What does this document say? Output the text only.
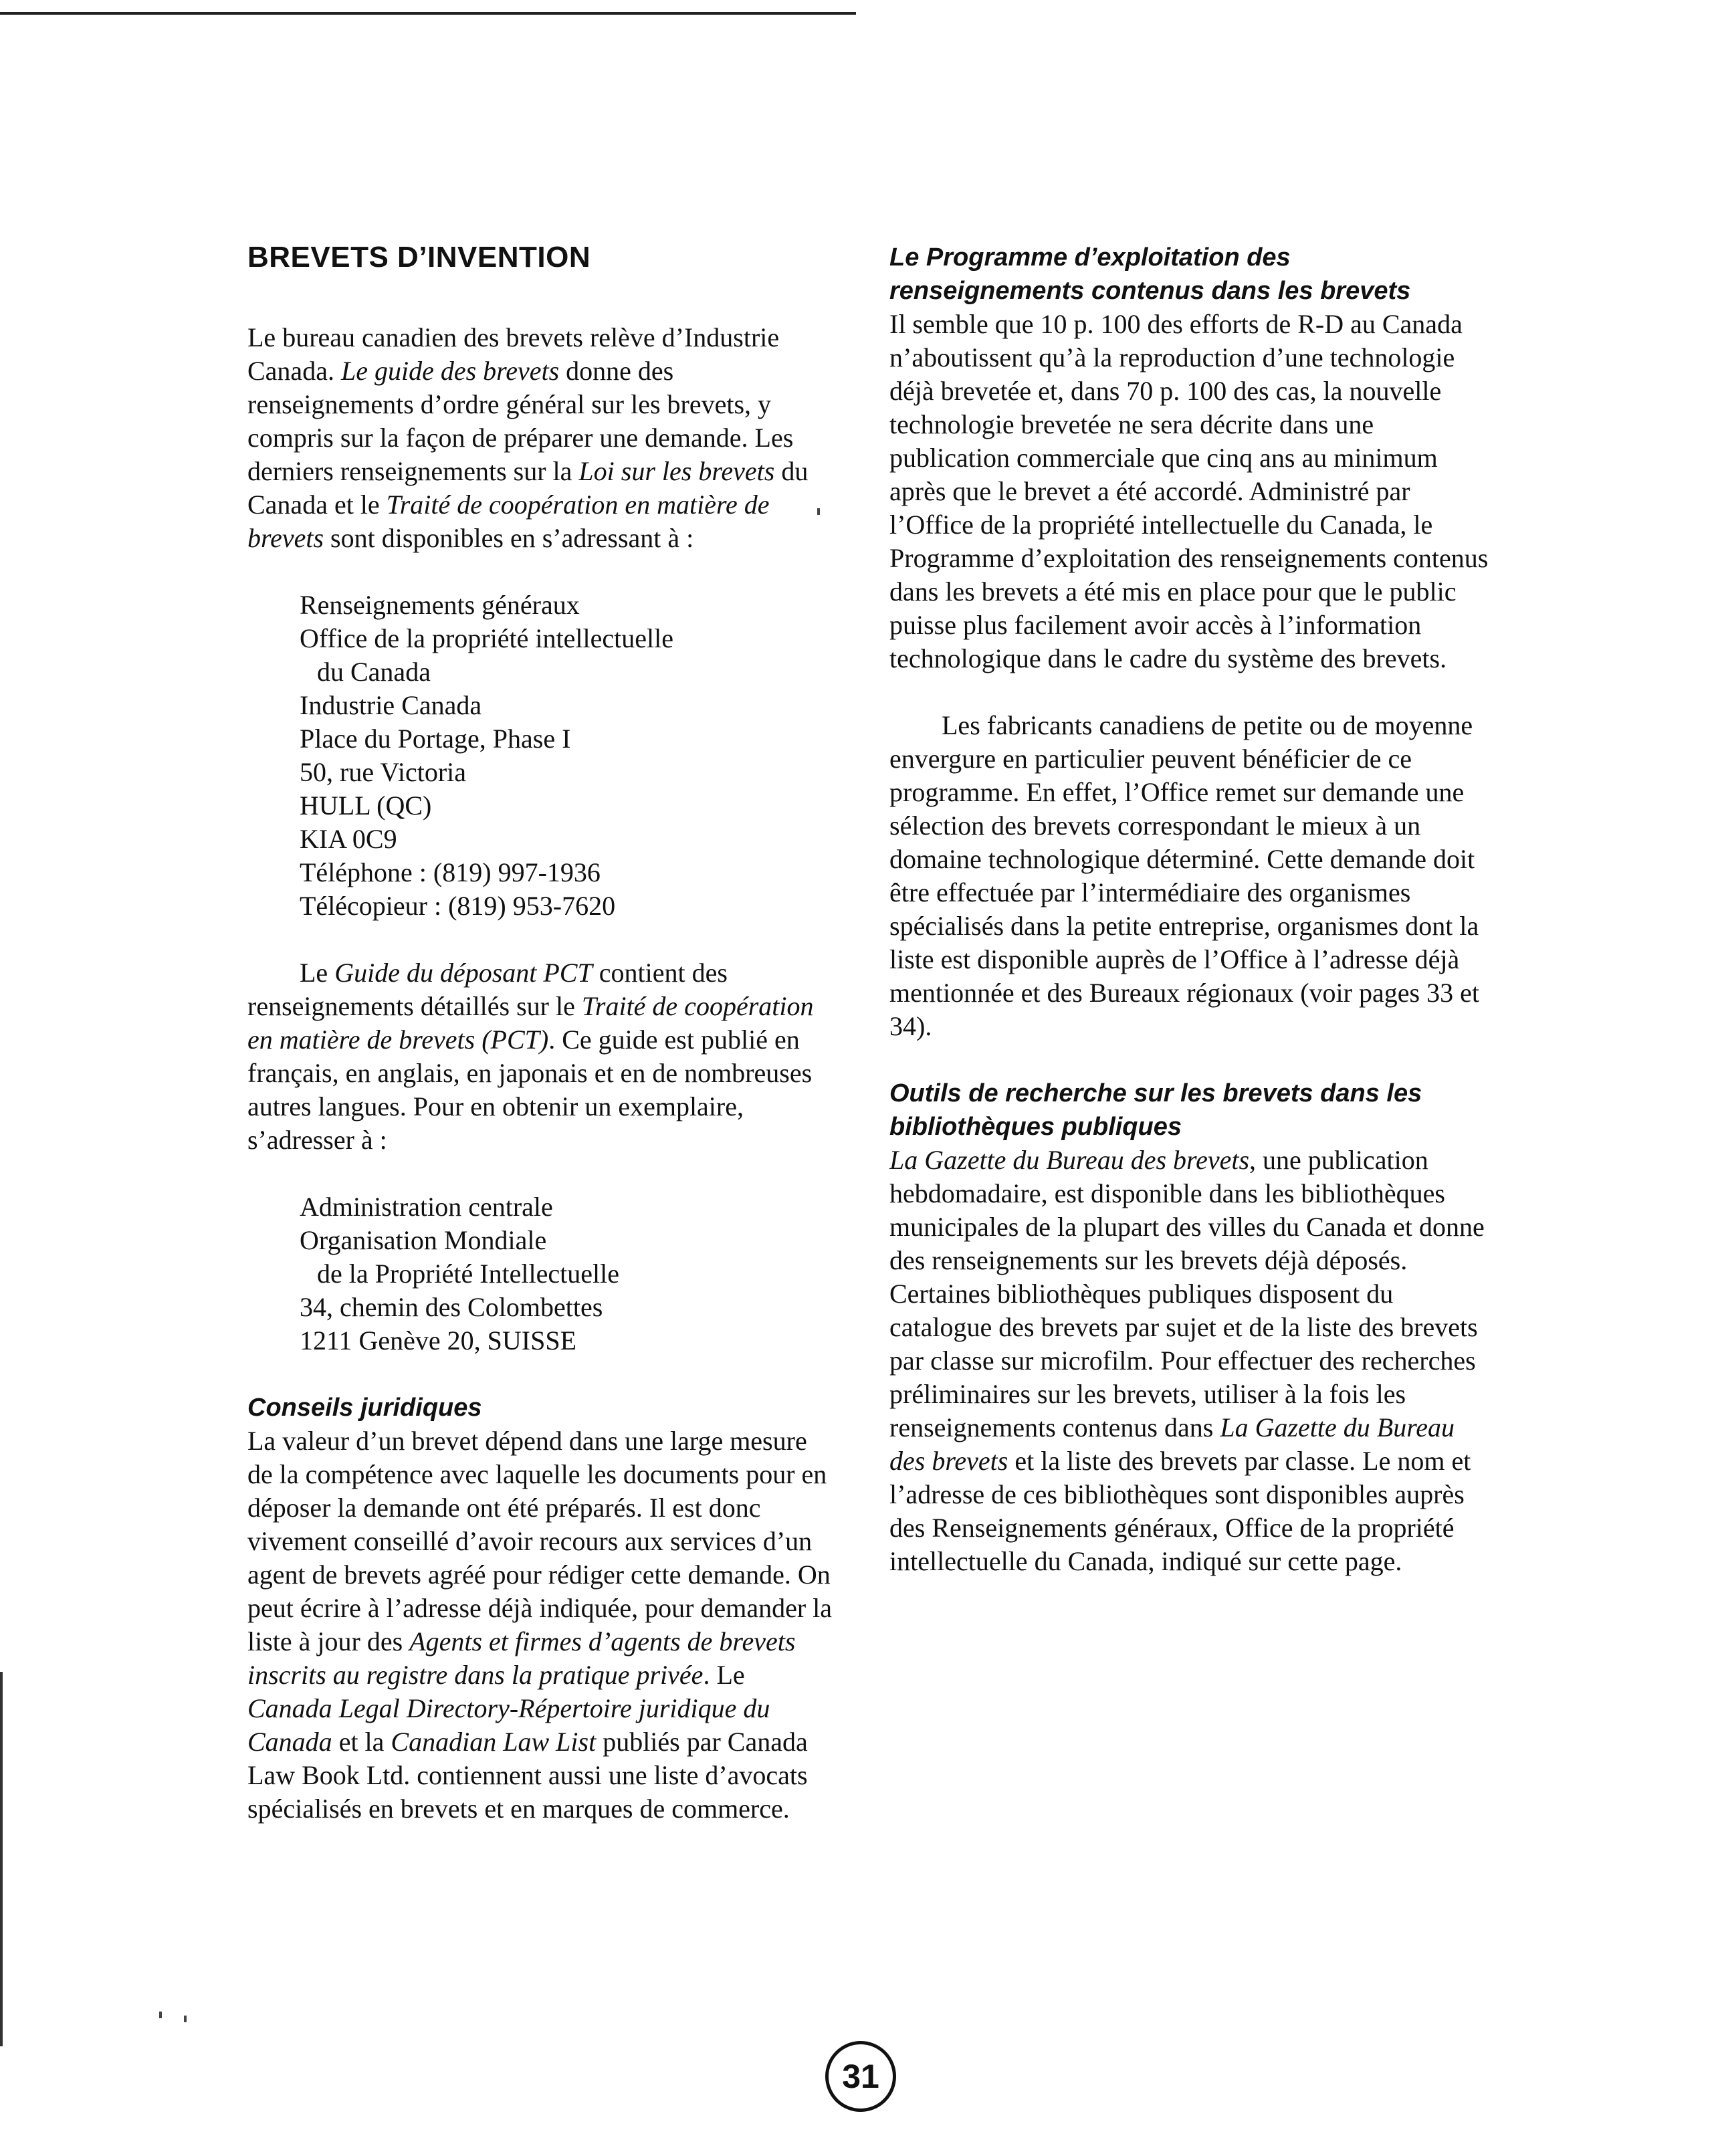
BREVETS D’INVENTION

Le bureau canadien des brevets relève d’Industrie Canada. Le guide des brevets donne des renseignements d’ordre général sur les brevets, y compris sur la façon de préparer une demande. Les derniers renseignements sur la Loi sur les brevets du Canada et le Traité de coopération en matière de brevets sont disponibles en s’adressant à :

Renseignements généraux
Office de la propriété intellectuelle
du Canada
Industrie Canada
Place du Portage, Phase I
50, rue Victoria
HULL (QC)
KIA 0C9
Téléphone : (819) 997-1936
Télécopieur : (819) 953-7620

Le Guide du déposant PCT contient des renseignements détaillés sur le Traité de coopération en matière de brevets (PCT). Ce guide est publié en français, en anglais, en japonais et en de nombreuses autres langues. Pour en obtenir un exemplaire, s’adresser à :

Administration centrale
Organisation Mondiale
de la Propriété Intellectuelle
34, chemin des Colombettes
1211 Genève 20, SUISSE
Conseils juridiques

La valeur d’un brevet dépend dans une large mesure de la compétence avec laquelle les documents pour en déposer la demande ont été préparés. Il est donc vivement conseillé d’avoir recours aux services d’un agent de brevets agréé pour rédiger cette demande. On peut écrire à l’adresse déjà indiquée, pour demander la liste à jour des Agents et firmes d’agents de brevets inscrits au registre dans la pratique privée. Le Canada Legal Directory-Répertoire juridique du Canada et la Canadian Law List publiés par Canada Law Book Ltd. contiennent aussi une liste d’avocats spécialisés en brevets et en marques de commerce.

Le Programme d’exploitation des renseignements contenus dans les brevets

Il semble que 10 p. 100 des efforts de R-D au Canada n’aboutissent qu’à la reproduction d’une technologie déjà brevetée et, dans 70 p. 100 des cas, la nouvelle technologie brevetée ne sera décrite dans une publication commerciale que cinq ans au minimum après que le brevet a été accordé. Administré par l’Office de la propriété intellectuelle du Canada, le Programme d’exploitation des renseignements contenus dans les brevets a été mis en place pour que le public puisse plus facilement avoir accès à l’information technologique dans le cadre du système des brevets.

Les fabricants canadiens de petite ou de moyenne envergure en particulier peuvent bénéficier de ce programme. En effet, l’Office remet sur demande une sélection des brevets correspondant le mieux à un domaine technologique déterminé. Cette demande doit être effectuée par l’intermédiaire des organismes spécialisés dans la petite entreprise, organismes dont la liste est disponible auprès de l’Office à l’adresse déjà mentionnée et des Bureaux régionaux (voir pages 33 et 34).

Outils de recherche sur les brevets dans les bibliothèques publiques

La Gazette du Bureau des brevets, une publication hebdomadaire, est disponible dans les bibliothèques municipales de la plupart des villes du Canada et donne des renseignements sur les brevets déjà déposés. Certaines bibliothèques publiques disposent du catalogue des brevets par sujet et de la liste des brevets par classe sur microfilm. Pour effectuer des recherches préliminaires sur les brevets, utiliser à la fois les renseignements contenus dans La Gazette du Bureau des brevets et la liste des brevets par classe. Le nom et l’adresse de ces bibliothèques sont disponibles auprès des Renseignements généraux, Office de la propriété intellectuelle du Canada, indiqué sur cette page.

31
